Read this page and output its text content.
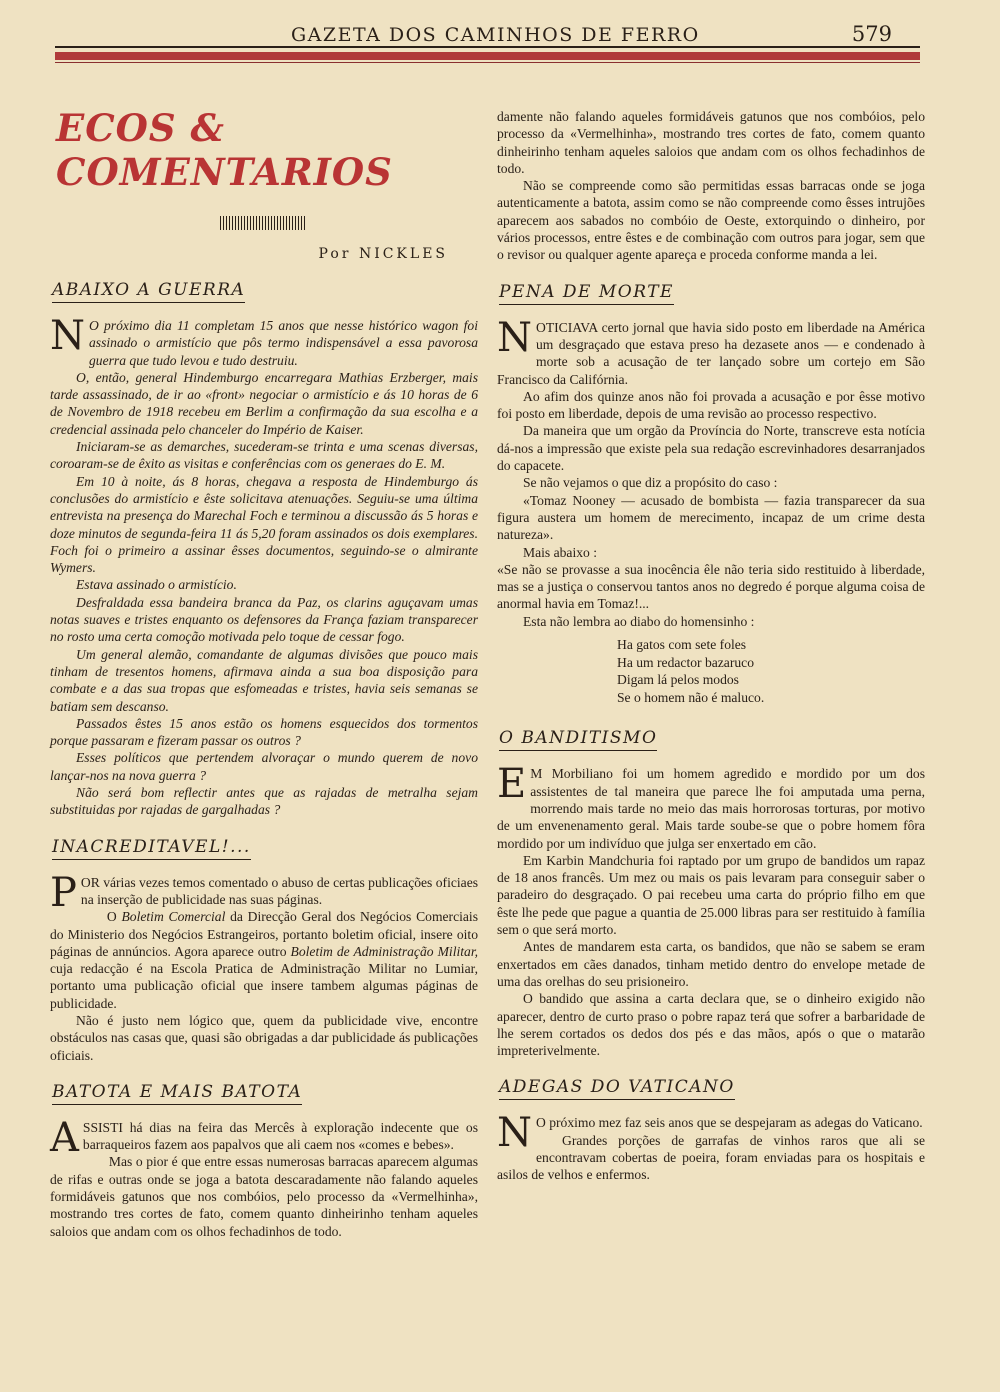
GAZETA DOS CAMINHOS DE FERRO	579
ECOS & COMENTARIOS
Por NICKLES
ABAIXO A GUERRA

N O próximo dia 11 completam 15 anos que nesse histórico wagon foi assinado o armistício que pôs termo indispensável a essa pavorosa guerra que tudo levou e tudo destruiu.

O, então, general Hindemburgo encarregara Mathias Erzberger, mais tarde assassinado, de ir ao «front» negociar o armistício e ás 10 horas de 6 de Novembro de 1918 recebeu em Berlim a confirmação da sua escolha e a credencial assinada pelo chanceler do Império de Kaiser.

Iniciaram-se as demarches, sucederam-se trinta e uma scenas diversas, coroaram-se de êxito as visitas e conferências com os generaes do E. M.

Em 10 à noite, ás 8 horas, chegava a resposta de Hindemburgo ás conclusões do armistício e êste solicitava atenuações. Seguiu-se uma última entrevista na presença do Marechal Foch e terminou a discussão ás 5 horas e doze minutos de segunda-feira 11 ás 5,20 foram assinados os dois exemplares. Foch foi o primeiro a assinar êsses documentos, seguindo-se o almirante Wymers.

Estava assinado o armistício.

Desfraldada essa bandeira branca da Paz, os clarins aguçavam umas notas suaves e tristes enquanto os defensores da França faziam transparecer no rosto uma certa comoção motivada pelo toque de cessar fogo.

Um general alemão, comandante de algumas divisões que pouco mais tinham de tresentos homens, afirmava ainda a sua boa disposição para combate e a das sua tropas que esfomeadas e tristes, havia seis semanas se batiam sem descanso.

Passados êstes 15 anos estão os homens esquecidos dos tormentos porque passaram e fizeram passar os outros ?

Esses políticos que pertendem alvoraçar o mundo querem de novo lançar-nos na nova guerra ?

Não será bom reflectir antes que as rajadas de metralha sejam substituidas por rajadas de gargalhadas ?

INACREDITAVEL!...

POR várias vezes temos comentado o abuso de certas publicações oficiaes na inserção de publicidade nas suas páginas.

O Boletim Comercial da Direcção Geral dos Negócios Comerciais do Ministerio dos Negócios Estrangeiros, portanto boletim oficial, insere oito páginas de annúncios. Agora aparece outro Boletim de Administração Militar, cuja redacção é na Escola Pratica de Administração Militar no Lumiar, portanto uma publicação oficial que insere tambem algumas páginas de publicidade.

Não é justo nem lógico que, quem da publicidade vive, encontre obstáculos nas casas que, quasi são obrigadas a dar publicidade ás publicações oficiais.

BATOTA E MAIS BATOTA

ASSISTI há dias na feira das Mercês à exploração indecente que os barraqueiros fazem aos papalvos que ali caem nos «comes e bebes».

Mas o pior é que entre essas numerosas barracas aparecem algumas de rifas e outras onde se joga a batota descaradamente não falando aqueles formidáveis gatunos que nos combóios, pelo processo da «Vermelhinha», mostrando tres cortes de fato, comem quanto dinheirinho tenham aqueles saloios que andam com os olhos fechadinhos de todo.

damente não falando aqueles formidáveis gatunos que nos combóios, pelo processo da «Vermelhinha», mostrando tres cortes de fato, comem quanto dinheirinho tenham aqueles saloios que andam com os olhos fechadinhos de todo.

Não se compreende como são permitidas essas barracas onde se joga autenticamente a batota, assim como se não compreende como êsses intrujões aparecem aos sabados no combóio de Oeste, extorquindo o dinheiro, por vários processos, entre êstes e de combinação com outros para jogar, sem que o revisor ou qualquer agente apareça e proceda conforme manda a lei.

PENA DE MORTE

NOTICIAVA certo jornal que havia sido posto em liberdade na América um desgraçado que estava preso ha dezasete anos — e condenado à morte sob a acusação de ter lançado sobre um cortejo em São Francisco da Califórnia.

Ao afim dos quinze anos não foi provada a acusação e por êsse motivo foi posto em liberdade, depois de uma revisão ao processo respectivo.

Da maneira que um orgão da Província do Norte, transcreve esta notícia dá-nos a impressão que existe pela sua redação escrevinhadores desarranjados do capacete.

Se não vejamos o que diz a propósito do caso :

«Tomaz Nooney — acusado de bombista — fazia transparecer da sua figura austera um homem de merecimento, incapaz de um crime desta natureza».

Mais abaixo :

«Se não se provasse a sua inocência êle não teria sido restituido à liberdade, mas se a justiça o conservou tantos anos no degredo é porque alguma coisa de anormal havia em Tomaz!...

Esta não lembra ao diabo do homensinho :

Ha gatos com sete foles
Ha um redactor bazaruco
Digam lá pelos modos
Se o homem não é maluco.
O BANDITISMO

E M Morbiliano foi um homem agredido e mordido por um dos assistentes de tal maneira que parece lhe foi amputada uma perna, morrendo mais tarde no meio das mais horrorosas torturas, por motivo de um envenenamento geral. Mais tarde soube-se que o pobre homem fôra mordido por um indivíduo que julga ser enxertado em cão.

Em Karbin Mandchuria foi raptado por um grupo de bandidos um rapaz de 18 anos francês. Um mez ou mais os pais levaram para conseguir saber o paradeiro do desgraçado. O pai recebeu uma carta do próprio filho em que êste lhe pede que pague a quantia de 25.000 libras para ser restituido à família sem o que será morto.

Antes de mandarem esta carta, os bandidos, que não se sabem se eram enxertados em cães danados, tinham metido dentro do envelope metade de uma das orelhas do seu prisioneiro.

O bandido que assina a carta declara que, se o dinheiro exigido não aparecer, dentro de curto praso o pobre rapaz terá que sofrer a barbaridade de lhe serem cortados os dedos dos pés e das mãos, após o que o matarão impreterivelmente.

ADEGAS DO VATICANO

N O próximo mez faz seis anos que se despejaram as adegas do Vaticano.

Grandes porções de garrafas de vinhos raros que ali se encontravam cobertas de poeira, foram enviadas para os hospitais e asilos de velhos e enfermos.
